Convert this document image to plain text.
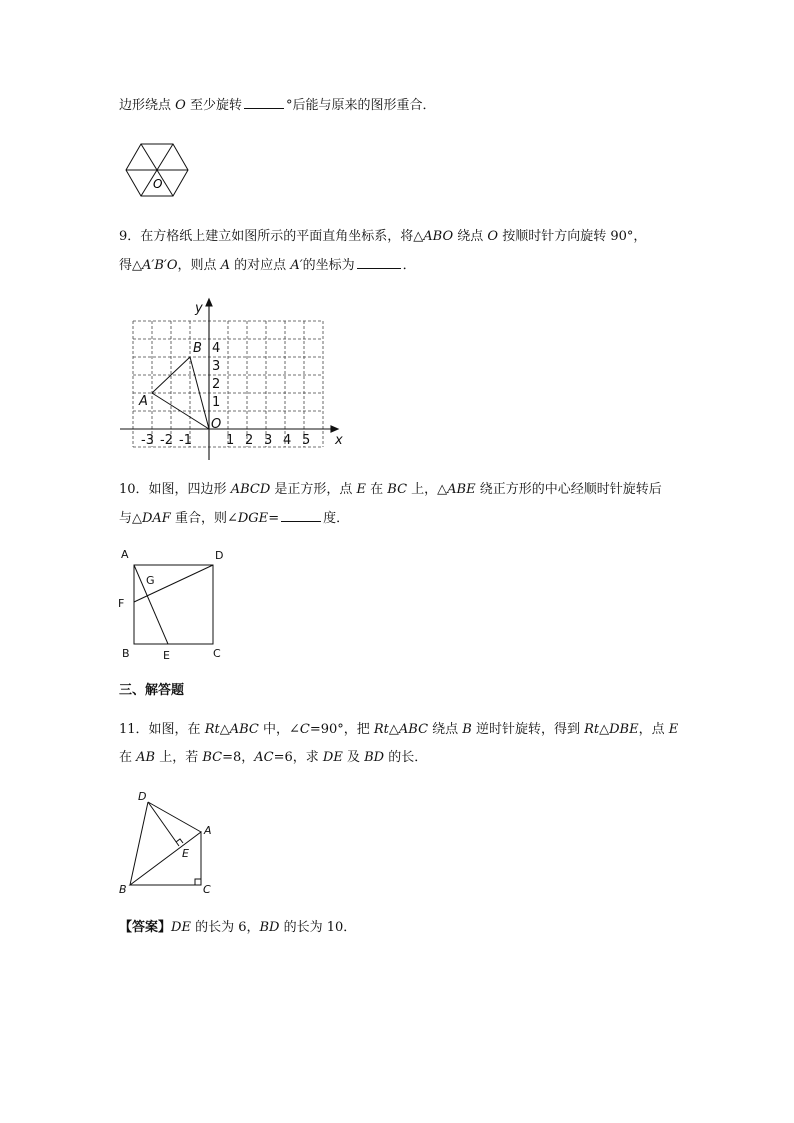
边形绕点 O 至少旋转	°后能与原来的图形重合．
O
9．在方格纸上建立如图所示的平面直角坐标系，将△ABO 绕点 O 按顺时针方向旋转 90°，
得△A′B′O，则点 A 的对应点 A′的坐标为	．
y
x
O
A
B 4
3
2
1
-3 -2 -1	1 2 3 4 5
10．如图，四边形 ABCD 是正方形，点 E 在 BC 上，△ABE 绕正方形的中心经顺时针旋转后
与△DAF 重合，则∠DGE=	度．
A	D
B	C
E
F
G
三、解答题
11．如图，在 Rt△ABC 中，∠C=90°，把 Rt△ABC 绕点 B 逆时针旋转，得到 Rt△DBE，点 E
在 AB 上，若 BC=8，AC=6，求 DE 及 BD 的长．
D
A
E
B	C
【答案】DE 的长为 6，BD 的长为 10．
